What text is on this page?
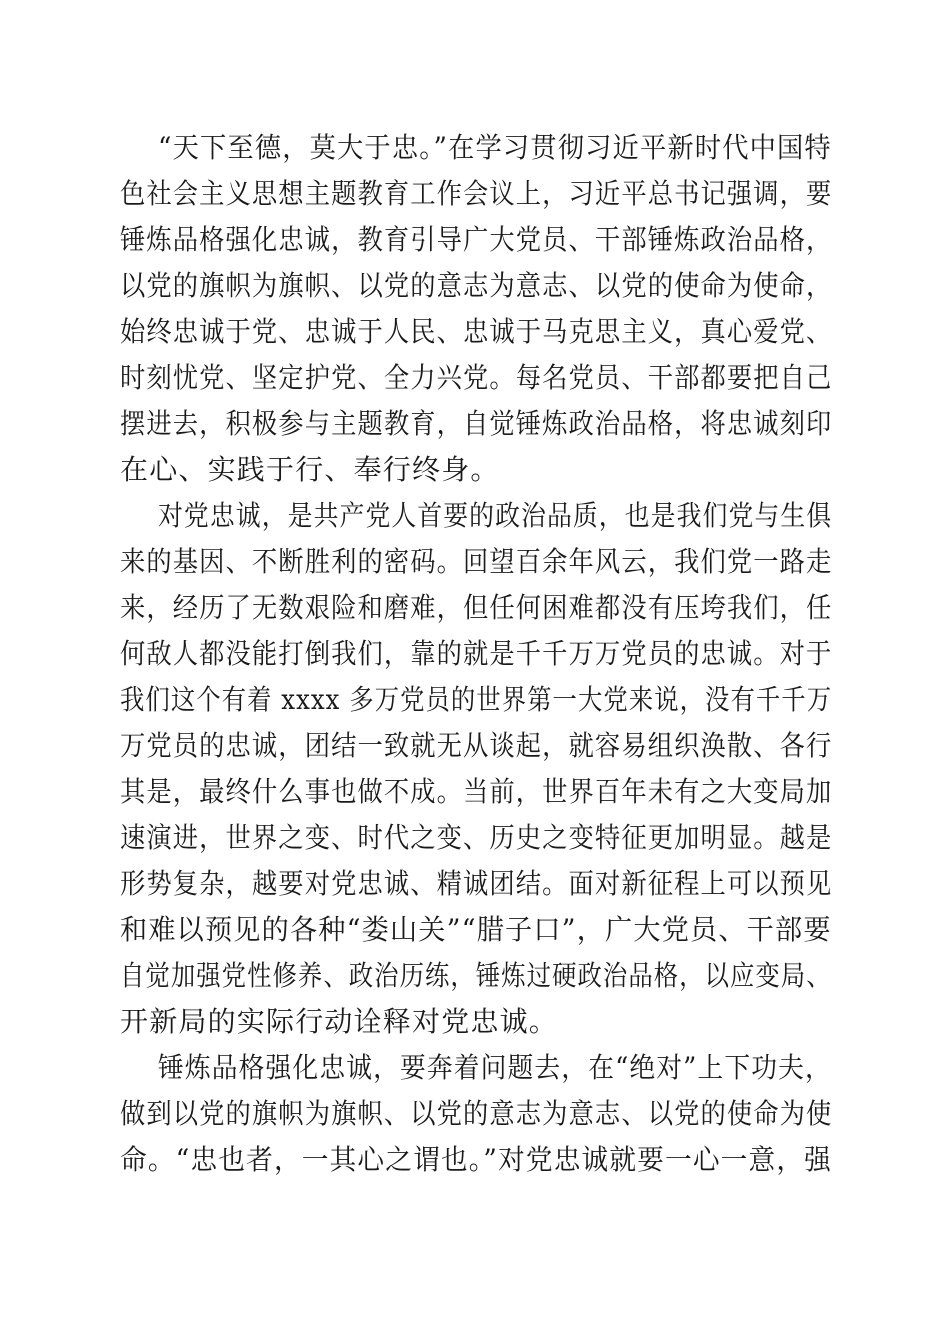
“天下至德，莫大于忠。”在学习贯彻习近平新时代中国特
色社会主义思想主题教育工作会议上，习近平总书记强调，要
锤炼品格强化忠诚，教育引导广大党员、干部锤炼政治品格，
以党的旗帜为旗帜、以党的意志为意志、以党的使命为使命，
始终忠诚于党、忠诚于人民、忠诚于马克思主义，真心爱党、
时刻忧党、坚定护党、全力兴党。每名党员、干部都要把自己
摆进去，积极参与主题教育，自觉锤炼政治品格，将忠诚刻印
在心、实践于行、奉行终身。
对党忠诚，是共产党人首要的政治品质，也是我们党与生俱
来的基因、不断胜利的密码。回望百余年风云，我们党一路走
来，经历了无数艰险和磨难，但任何困难都没有压垮我们，任
何敌人都没能打倒我们，靠的就是千千万万党员的忠诚。对于
我们这个有着 xxxx 多万党员的世界第一大党来说，没有千千万
万党员的忠诚，团结一致就无从谈起，就容易组织涣散、各行
其是，最终什么事也做不成。当前，世界百年未有之大变局加
速演进，世界之变、时代之变、历史之变特征更加明显。越是
形势复杂，越要对党忠诚、精诚团结。面对新征程上可以预见
和难以预见的各种“娄山关”“腊子口”，广大党员、干部要
自觉加强党性修养、政治历练，锤炼过硬政治品格，以应变局、
开新局的实际行动诠释对党忠诚。
锤炼品格强化忠诚，要奔着问题去，在“绝对”上下功夫，
做到以党的旗帜为旗帜、以党的意志为意志、以党的使命为使
命。“忠也者，一其心之谓也。”对党忠诚就要一心一意，强
